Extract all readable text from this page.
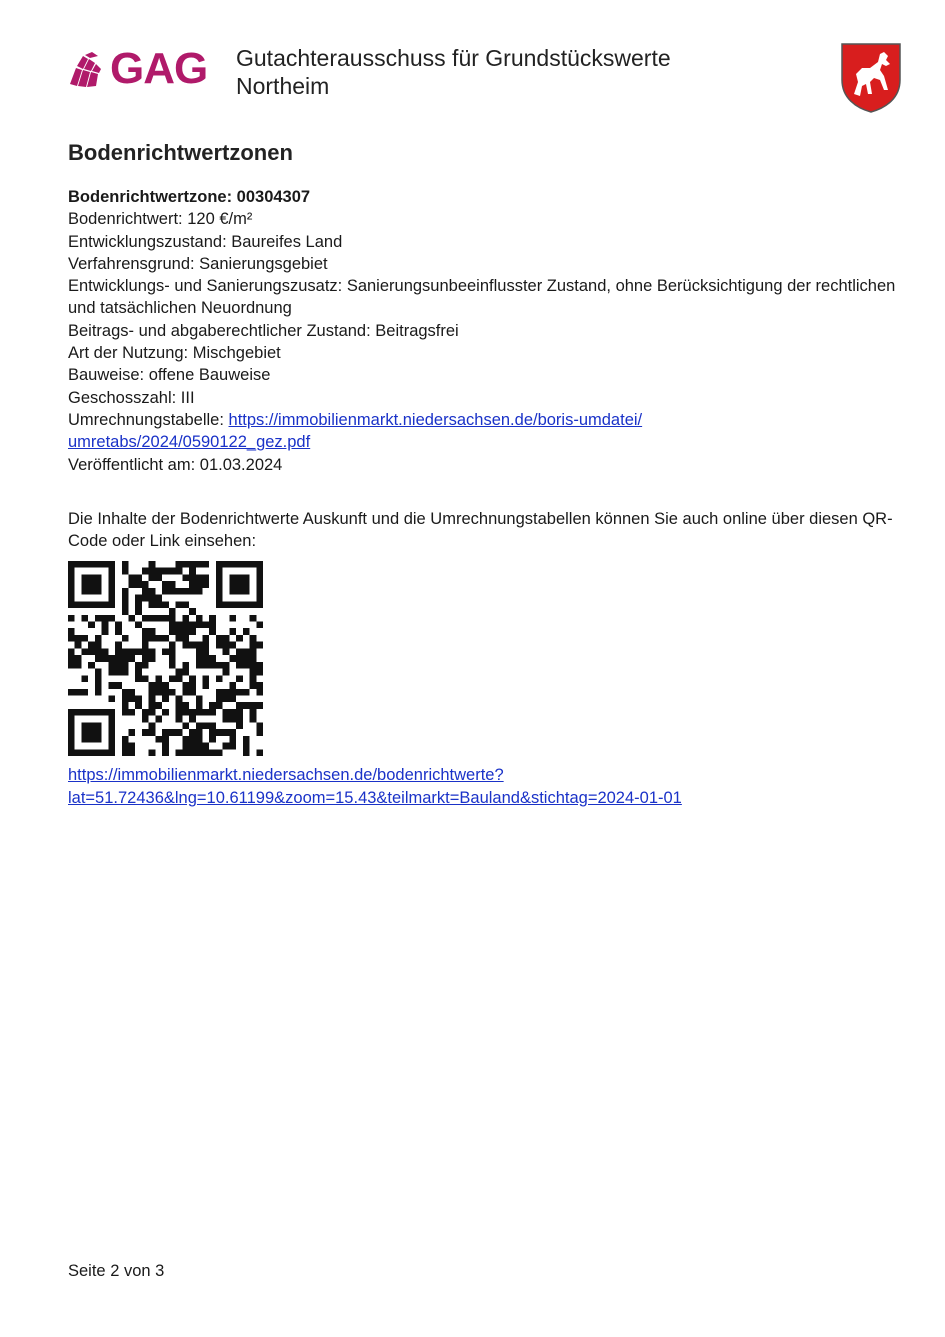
GAG Gutachterausschuss für Grundstückswerte
Northeim
Bodenrichtwertzonen
Bodenrichtwertzone: 00304307
Bodenrichtwert: 120 €/m²
Entwicklungszustand: Baureifes Land
Verfahrensgrund: Sanierungsgebiet
Entwicklungs- und Sanierungszusatz: Sanierungsunbeeinflusster Zustand, ohne Berücksichtigung der rechtlichen und tatsächlichen Neuordnung
Beitrags- und abgaberechtlicher Zustand: Beitragsfrei
Art der Nutzung: Mischgebiet
Bauweise: offene Bauweise
Geschosszahl: III
Umrechnungstabelle: https://immobilienmarkt.niedersachsen.de/boris-umdatei/
umretabs/2024/0590122_gez.pdf
Veröffentlicht am: 01.03.2024
Die Inhalte der Bodenrichtwerte Auskunft und die Umrechnungstabellen können Sie auch online über diesen QR-Code oder Link einsehen:
https://immobilienmarkt.niedersachsen.de/bodenrichtwerte?
lat=51.72436&lng=10.61199&zoom=15.43&teilmarkt=Bauland&stichtag=2024-01-01
Seite 2 von 3
